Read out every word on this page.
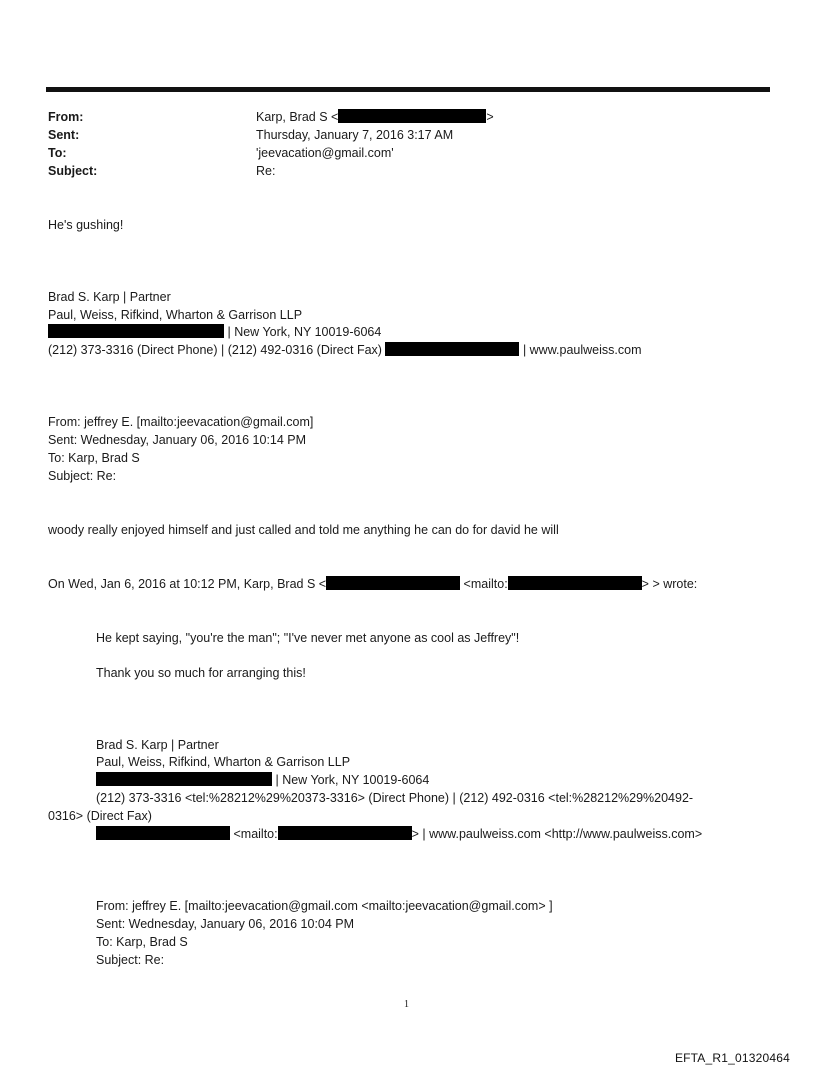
From:	Karp, Brad S <	>
Sent:	Thursday, January 7, 2016 3:17 AM
To:	'jeevacation@gmail.com'
Subject:	Re:
He's gushing!
Brad S. Karp | Partner
Paul, Weiss, Rifkind, Wharton & Garrison LLP
| New York, NY 10019-6064
(212) 373-3316 (Direct Phone) | (212) 492-0316 (Direct Fax)	| www.paulweiss.com
From: jeffrey E. [mailto:jeevacation@gmail.com]
Sent: Wednesday, January 06, 2016 10:14 PM
To: Karp, Brad S
Subject: Re:
woody really enjoyed himself and just called and told me anything he can do for david he will
On Wed, Jan 6, 2016 at 10:12 PM, Karp, Brad S <	<mailto:	> > wrote:
He kept saying, "you're the man"; "I've never met anyone as cool as Jeffrey"!
Thank you so much for arranging this!
Brad S. Karp | Partner
Paul, Weiss, Rifkind, Wharton & Garrison LLP
| New York, NY 10019-6064
(212) 373-3316 <tel:%28212%29%20373-3316> (Direct Phone) | (212) 492-0316 <tel:%28212%29%20492-
0316> (Direct Fax)
<mailto:	> | www.paulweiss.com <http://www.paulweiss.com>
From: jeffrey E. [mailto:jeevacation@gmail.com <mailto:jeevacation@gmail.com> ]
Sent: Wednesday, January 06, 2016 10:04 PM
To: Karp, Brad S
Subject: Re:
1
EFTA_R1_01320464
